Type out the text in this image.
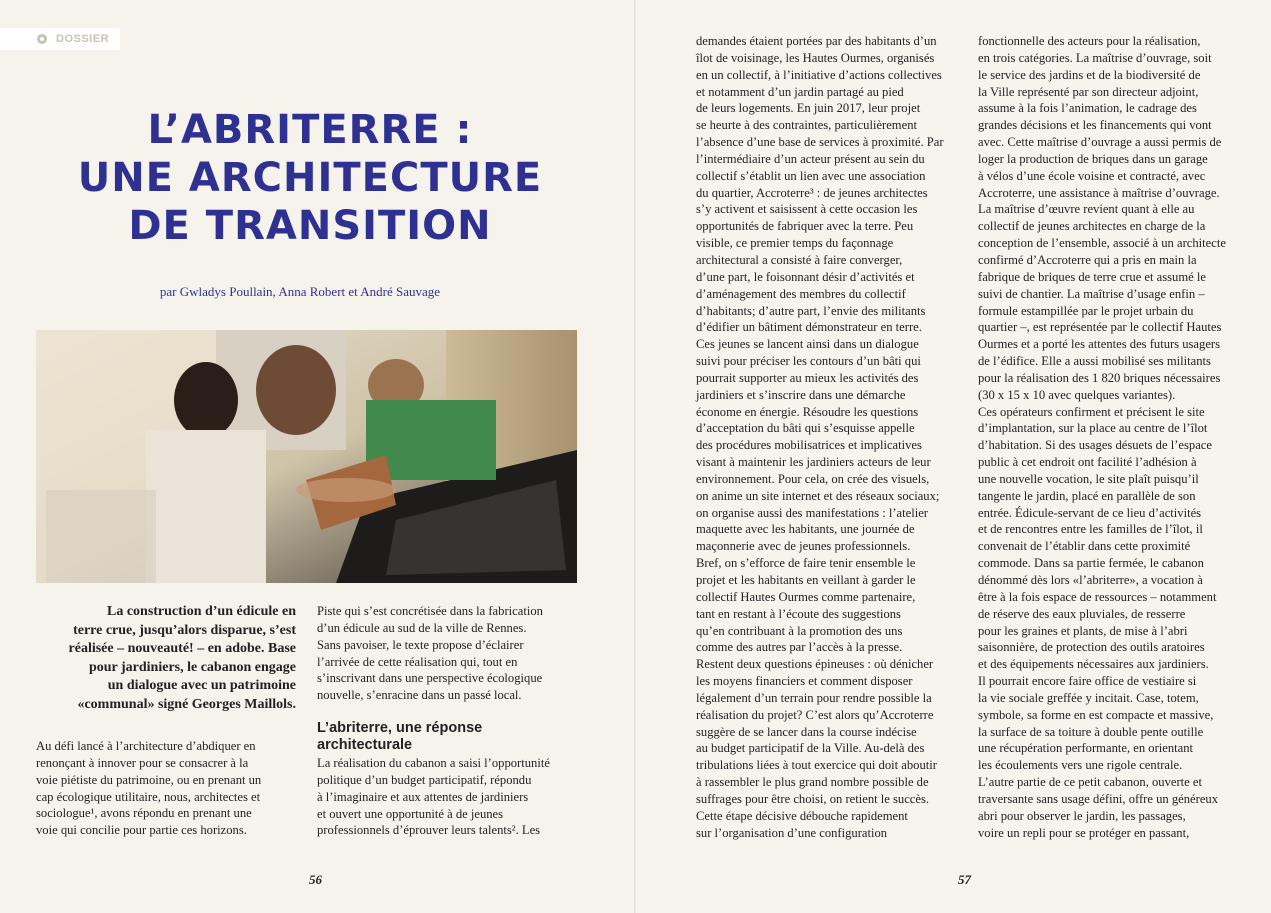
DOSSIER
L’ABRITERRE :
UNE ARCHITECTURE
DE TRANSITION
par Gwladys Poullain, Anna Robert et André Sauvage
La construction d’un édicule en
terre crue, jusqu’alors disparue, s’est
réalisée – nouveauté! – en adobe. Base
pour jardiniers, le cabanon engage
un dialogue avec un patrimoine
«communal» signé Georges Maillols.

Au défi lancé à l’architecture d’abdiquer en

renonçant à innover pour se consacrer à la

voie piétiste du patrimoine, ou en prenant un

cap écologique utilitaire, nous, architectes et

sociologue¹, avons répondu en prenant une

voie qui concilie pour partie ces horizons.

Piste qui s’est concrétisée dans la fabrication

d’un édicule au sud de la ville de Rennes.

Sans pavoiser, le texte propose d’éclairer

l’arrivée de cette réalisation qui, tout en

s’inscrivant dans une perspective écologique

nouvelle, s’enracine dans un passé local.

L’abriterre, une réponse
architecturale

La réalisation du cabanon a saisi l’opportunité

politique d’un budget participatif, répondu

à l’imaginaire et aux attentes de jardiniers

et ouvert une opportunité à de jeunes

professionnels d’éprouver leurs talents². Les

56

demandes étaient portées par des habitants d’un

îlot de voisinage, les Hautes Ourmes, organisés

en un collectif, à l’initiative d’actions collectives

et notamment d’un jardin partagé au pied

de leurs logements. En juin 2017, leur projet

se heurte à des contraintes, particulièrement

l’absence d’une base de services à proximité. Par

l’intermédiaire d’un acteur présent au sein du

collectif s’établit un lien avec une association

du quartier, Accroterre³ : de jeunes architectes

s’y activent et saisissent à cette occasion les

opportunités de fabriquer avec la terre. Peu

visible, ce premier temps du façonnage

architectural a consisté à faire converger,

d’une part, le foisonnant désir d’activités et

d’aménagement des membres du collectif

d’habitants; d’autre part, l’envie des militants

d’édifier un bâtiment démonstrateur en terre.

Ces jeunes se lancent ainsi dans un dialogue

suivi pour préciser les contours d’un bâti qui

pourrait supporter au mieux les activités des

jardiniers et s’inscrire dans une démarche

économe en énergie. Résoudre les questions

d’acceptation du bâti qui s’esquisse appelle

des procédures mobilisatrices et implicatives

visant à maintenir les jardiniers acteurs de leur

environnement. Pour cela, on crée des visuels,

on anime un site internet et des réseaux sociaux;

on organise aussi des manifestations : l’atelier

maquette avec les habitants, une journée de

maçonnerie avec de jeunes professionnels.

Bref, on s’efforce de faire tenir ensemble le

projet et les habitants en veillant à garder le

collectif Hautes Ourmes comme partenaire,

tant en restant à l’écoute des suggestions

qu’en contribuant à la promotion des uns

comme des autres par l’accès à la presse.

Restent deux questions épineuses : où dénicher

les moyens financiers et comment disposer

légalement d’un terrain pour rendre possible la

réalisation du projet? C’est alors qu’Accroterre

suggère de se lancer dans la course indécise

au budget participatif de la Ville. Au-delà des

tribulations liées à tout exercice qui doit aboutir

à rassembler le plus grand nombre possible de

suffrages pour être choisi, on retient le succès.

Cette étape décisive débouche rapidement

sur l’organisation d’une configuration

fonctionnelle des acteurs pour la réalisation,

en trois catégories. La maîtrise d’ouvrage, soit

le service des jardins et de la biodiversité de

la Ville représenté par son directeur adjoint,

assume à la fois l’animation, le cadrage des

grandes décisions et les financements qui vont

avec. Cette maîtrise d’ouvrage a aussi permis de

loger la production de briques dans un garage

à vélos d’une école voisine et contracté, avec

Accroterre, une assistance à maîtrise d’ouvrage.

La maîtrise d’œuvre revient quant à elle au

collectif de jeunes architectes en charge de la

conception de l’ensemble, associé à un architecte

confirmé d’Accroterre qui a pris en main la

fabrique de briques de terre crue et assumé le

suivi de chantier. La maîtrise d’usage enfin –

formule estampillée par le projet urbain du

quartier –, est représentée par le collectif Hautes

Ourmes et a porté les attentes des futurs usagers

de l’édifice. Elle a aussi mobilisé ses militants

pour la réalisation des 1 820 briques nécessaires

(30 x 15 x 10 avec quelques variantes).

Ces opérateurs confirment et précisent le site

d’implantation, sur la place au centre de l’îlot

d’habitation. Si des usages désuets de l’espace

public à cet endroit ont facilité l’adhésion à

une nouvelle vocation, le site plaît puisqu’il

tangente le jardin, placé en parallèle de son

entrée. Édicule-servant de ce lieu d’activités

et de rencontres entre les familles de l’îlot, il

convenait de l’établir dans cette proximité

commode. Dans sa partie fermée, le cabanon

dénommé dès lors «l’abriterre», a vocation à

être à la fois espace de ressources – notamment

de réserve des eaux pluviales, de resserre

pour les graines et plants, de mise à l’abri

saisonnière, de protection des outils aratoires

et des équipements nécessaires aux jardiniers.

Il pourrait encore faire office de vestiaire si

la vie sociale greffée y incitait. Case, totem,

symbole, sa forme en est compacte et massive,

la surface de sa toiture à double pente outille

une récupération performante, en orientant

les écoulements vers une rigole centrale.

L’autre partie de ce petit cabanon, ouverte et

traversante sans usage défini, offre un généreux

abri pour observer le jardin, les passages,

voire un repli pour se protéger en passant,

57
